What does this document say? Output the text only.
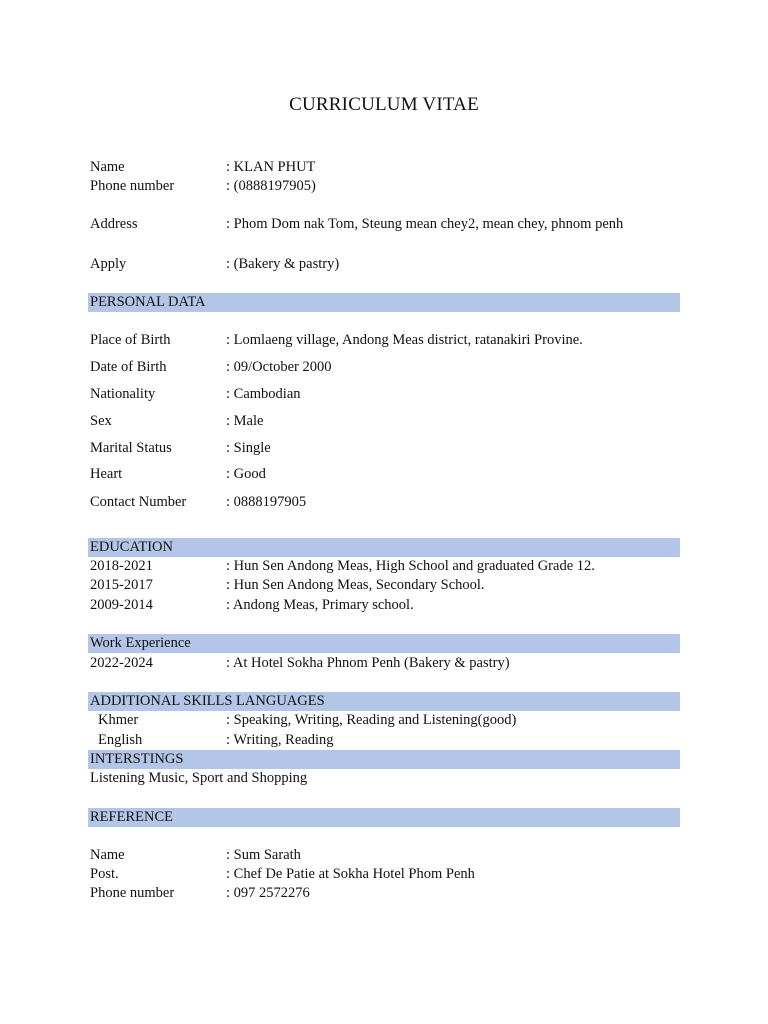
CURRICULUM VITAE
Name	: KLAN PHUT
Phone number	: (0888197905)
Address	: Phom Dom nak Tom, Steung mean chey2, mean chey, phnom penh
Apply	: (Bakery & pastry)
PERSONAL DATA
Place of Birth	: Lomlaeng village, Andong Meas district, ratanakiri Provine.
Date of Birth	: 09/October 2000
Nationality	: Cambodian
Sex	: Male
Marital Status	: Single
Heart	: Good
Contact Number	: 0888197905
EDUCATION
2018-2021	: Hun Sen Andong Meas, High School and graduated Grade 12.
2015-2017	: Hun Sen Andong Meas, Secondary School.
2009-2014	: Andong Meas, Primary school.
Work Experience
2022-2024	: At Hotel Sokha Phnom Penh (Bakery & pastry)
ADDITIONAL SKILLS LANGUAGES
Khmer	: Speaking, Writing, Reading and Listening(good)
English	: Writing, Reading
INTERSTINGS
Listening Music, Sport and Shopping
REFERENCE
Name	: Sum Sarath
Post.	: Chef De Patie at Sokha Hotel Phom Penh
Phone number	: 097 2572276
